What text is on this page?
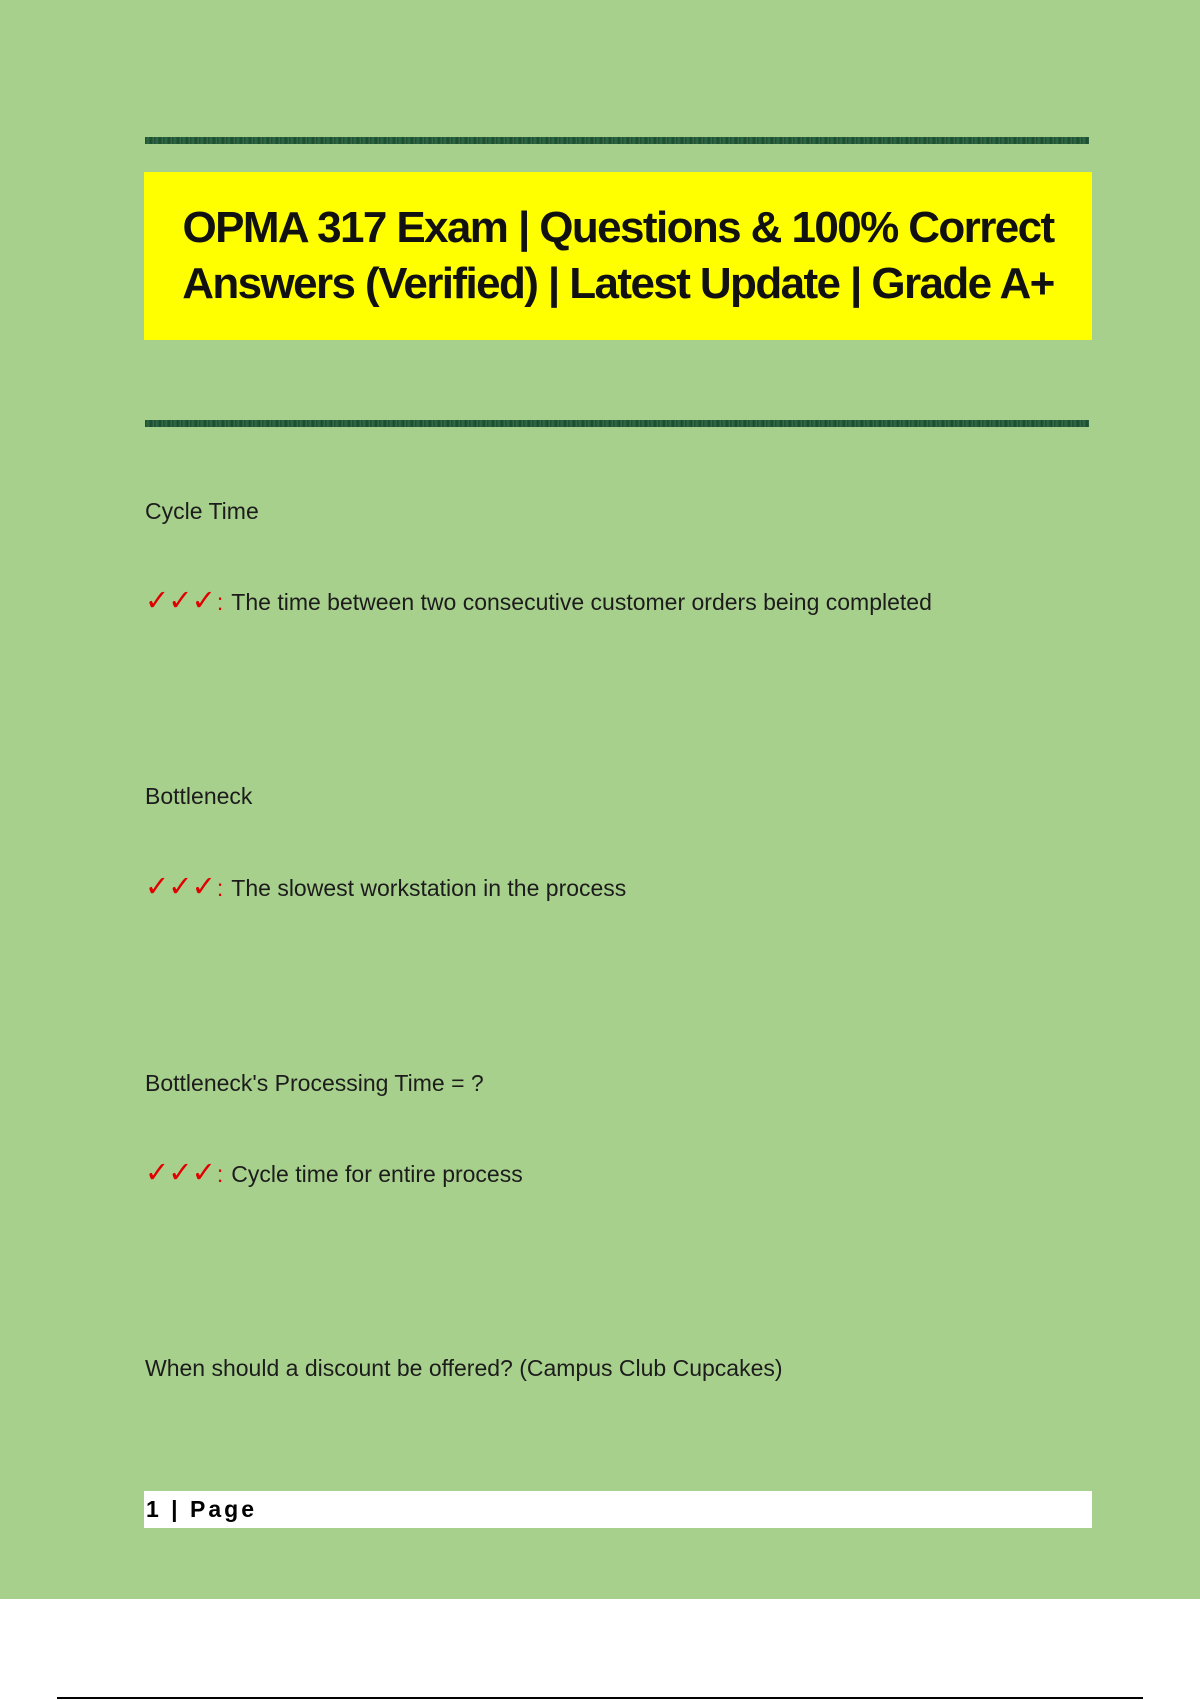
OPMA 317 Exam | Questions & 100% Correct Answers (Verified) | Latest Update | Grade A+
Cycle Time
✓✓✓ : The time between two consecutive customer orders being completed
Bottleneck
✓✓✓ : The slowest workstation in the process
Bottleneck's Processing Time = ?
✓✓✓ : Cycle time for entire process
When should a discount be offered? (Campus Club Cupcakes)
1 | Page
